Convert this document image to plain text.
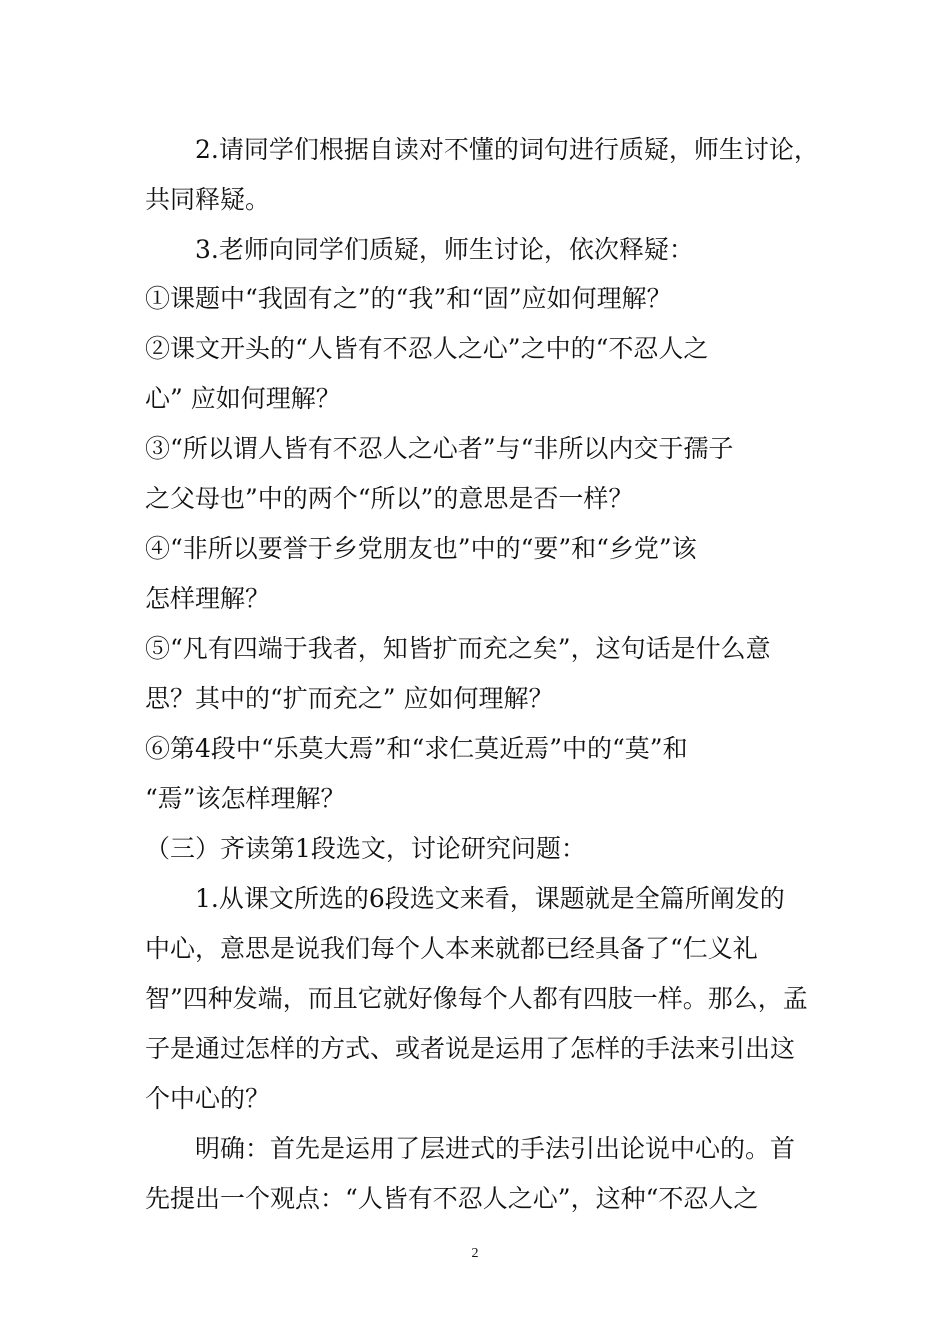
　　2.请同学们根据自读对不懂的词句进行质疑，师生讨论，
共同释疑。
　　3.老师向同学们质疑，师生讨论，依次释疑：
①课题中“我固有之”的“我”和“固”应如何理解？
②课文开头的“人皆有不忍人之心”之中的“不忍人之
心” 应如何理解？
③“所以谓人皆有不忍人之心者”与“非所以内交于孺子
之父母也”中的两个“所以”的意思是否一样？
④“非所以要誉于乡党朋友也”中的“要”和“乡党”该
怎样理解？
⑤“凡有四端于我者，知皆扩而充之矣”，这句话是什么意
思？其中的“扩而充之” 应如何理解？
⑥第4段中“乐莫大焉”和“求仁莫近焉”中的“莫”和
“焉”该怎样理解？
（三）齐读第1段选文，讨论研究问题：
　　1.从课文所选的6段选文来看，课题就是全篇所阐发的
中心，意思是说我们每个人本来就都已经具备了“仁义礼
智”四种发端，而且它就好像每个人都有四肢一样。那么，孟
子是通过怎样的方式、或者说是运用了怎样的手法来引出这
个中心的？
　　明确：首先是运用了层进式的手法引出论说中心的。首
先提出一个观点：“人皆有不忍人之心”，这种“不忍人之
2
